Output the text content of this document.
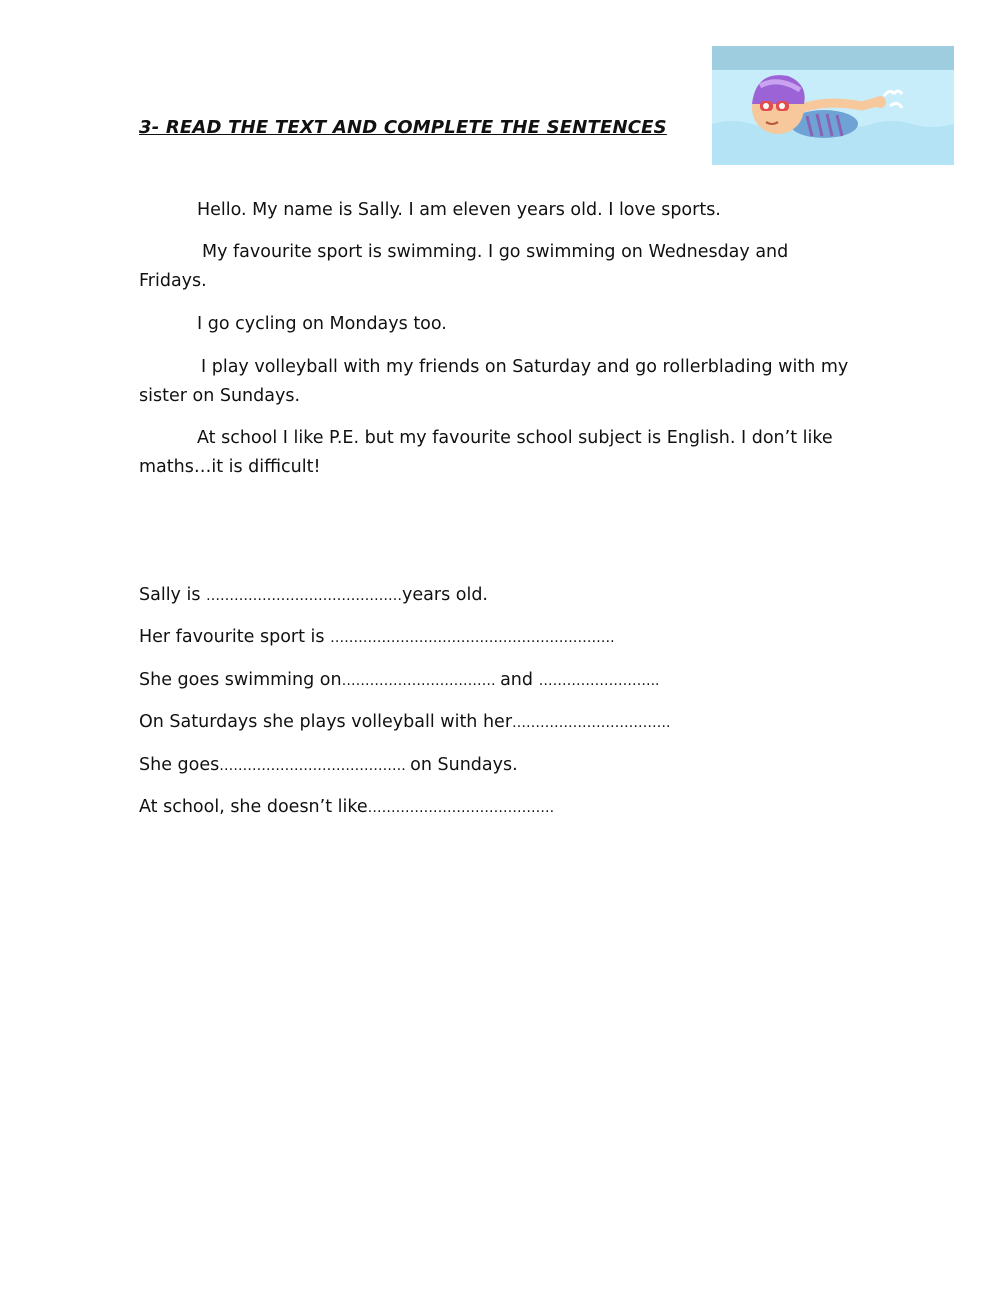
3- READ THE TEXT AND COMPLETE THE SENTENCES

Hello. My name is Sally. I am eleven years old. I love sports.

My favourite sport is swimming. I go swimming on Wednesday and Fridays.

I go cycling on Mondays too.

I play volleyball with my friends on Saturday and go rollerblading with my sister on Sundays.

At school I like P.E. but my favourite school subject is English. I don’t like maths…it is difficult!

Sally is ……………………………………years old.

Her favourite sport is …………………………………………………….

She goes swimming on…………………………… and ……………………..

On Saturdays she plays volleyball with her…………………………….

She goes…………………………………. on Sundays.

At school, she doesn’t like………………………………….
